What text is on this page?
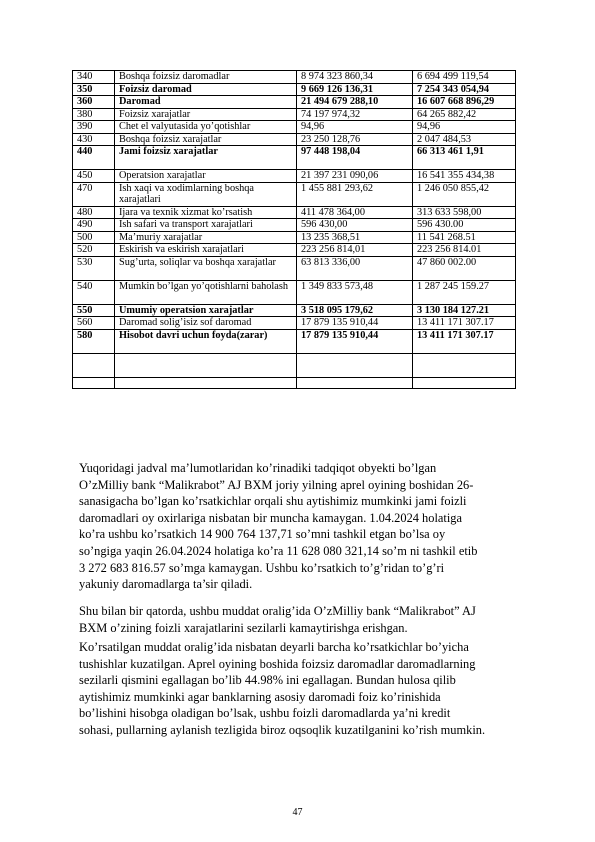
340	Boshqa foizsiz daromadlar	8 974 323 860,34	6 694 499 119,54
350	Foizsiz daromad	9 669 126 136,31	7 254 343 054,94
360	Daromad	21 494 679 288,10	16 607 668 896,29
380	Foizsiz xarajatlar	74 197 974,32	64 265 882,42
390	Chet el valyutasida yo’qotishlar	94,96	94,96
430	Boshqa foizsiz xarajatlar	23 250 128,76	2 047 484,53
440	Jami foizsiz xarajatlar	97 448 198,04	66 313 461 1,91
450	Operatsion xarajatlar	21 397 231 090,06	16 541 355 434,38
470	Ish xaqi va xodimlarning boshqa xarajatlari	1 455 881 293,62	1 246 050 855,42
480	Ijara va texnik xizmat ko’rsatish	411 478 364,00	313 633 598,00
490	Ish safari va transport xarajatlari	596 430,00	596 430.00
500	Ma’muriy xarajatlar	13 235 368,51	11 541 268.51
520	Eskirish va eskirish xarajatlari	223 256 814,01	223 256 814.01
530	Sug’urta, soliqlar va boshqa xarajatlar	63 813 336,00	47 860 002.00
540	Mumkin bo’lgan yo’qotishlarni baholash	1 349 833 573,48	1 287 245 159.27
550	Umumiy operatsion xarajatlar	3 518 095 179,62	3 130 184 127.21
560	Daromad solig’isiz sof daromad	17 879 135 910,44	13 411 171 307.17
580	Hisobot davri uchun foyda(zarar)	17 879 135 910,44	13 411 171 307.17

Yuqoridagi jadval ma’lumotlaridan ko’rinadiki tadqiqot obyekti bo’lgan
O’zMilliy bank “Malikrabot” AJ BXM joriy yilning aprel oyining boshidan 26-
sanasigacha bo’lgan ko’rsatkichlar orqali shu aytishimiz mumkinki jami foizli
daromadlari oy oxirlariga nisbatan bir muncha kamaygan. 1.04.2024 holatiga
ko’ra ushbu ko’rsatkich 14 900 764 137,71 so’mni tashkil etgan bo’lsa oy
so’ngiga yaqin 26.04.2024 holatiga ko’ra 11 628 080 321,14 so’m ni tashkil etib
3 272 683 816.57 so’mga kamaygan. Ushbu ko’rsatkich to’g’ridan to’g’ri
yakuniy daromadlarga ta’sir qiladi.

Shu bilan bir qatorda, ushbu muddat oralig’ida O’zMilliy bank “Malikrabot” AJ
BXM o’zining foizli xarajatlarini sezilarli kamaytirishga erishgan.

Ko’rsatilgan muddat oralig’ida nisbatan deyarli barcha ko’rsatkichlar bo’yicha
tushishlar kuzatilgan. Aprel oyining boshida foizsiz daromadlar daromadlarning
sezilarli qismini egallagan bo’lib 44.98% ini egallagan. Bundan hulosa qilib
aytishimiz mumkinki agar banklarning asosiy daromadi foiz ko’rinishida
bo’lishini hisobga oladigan bo’lsak, ushbu foizli daromadlarda ya’ni kredit
sohasi, pullarning aylanish tezligida biroz oqsoqlik kuzatilganini ko’rish mumkin.

47
